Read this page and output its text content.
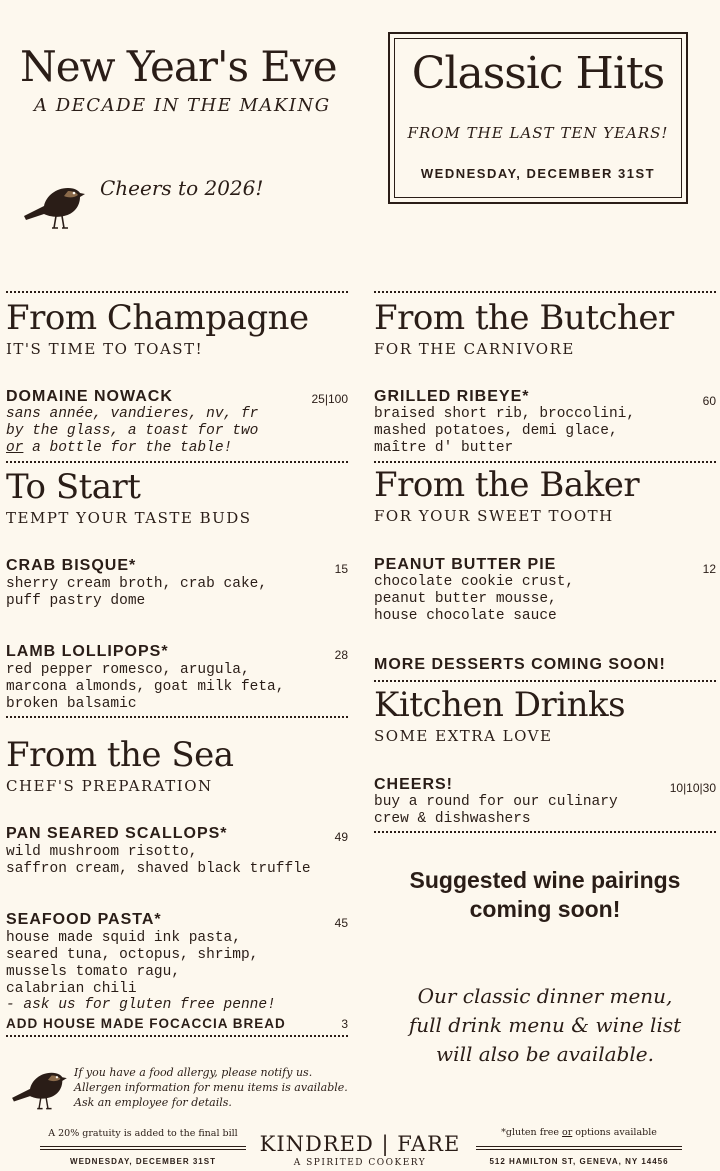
New Year's Eve
A DECADE IN THE MAKING
Cheers to 2026!
Classic Hits
FROM THE LAST TEN YEARS!
WEDNESDAY, DECEMBER 31ST
From Champagne
IT'S TIME TO TOAST!
DOMAINE NOWACK	25|100
sans année, vandieres, nv, fr
by the glass, a toast for two
or a bottle for the table!
To Start
TEMPT YOUR TASTE BUDS
CRAB BISQUE*	15
sherry cream broth, crab cake,
puff pastry dome
LAMB LOLLIPOPS*	28
red pepper romesco, arugula,
marcona almonds, goat milk feta,
broken balsamic
From the Sea
CHEF'S PREPARATION
PAN SEARED SCALLOPS*	49
wild mushroom risotto,
saffron cream, shaved black truffle
SEAFOOD PASTA*	45
house made squid ink pasta,
seared tuna, octopus, shrimp,
mussels tomato ragu,
calabrian chili
- ask us for gluten free penne!
ADD HOUSE MADE FOCACCIA BREAD	3
If you have a food allergy, please notify us.
Allergen information for menu items is available.
Ask an employee for details.
From the Butcher
FOR THE CARNIVORE
GRILLED RIBEYE*	60
braised short rib, broccolini,
mashed potatoes, demi glace,
maître d' butter
From the Baker
FOR YOUR SWEET TOOTH
PEANUT BUTTER PIE	12
chocolate cookie crust,
peanut butter mousse,
house chocolate sauce
MORE DESSERTS COMING SOON!
Kitchen Drinks
SOME EXTRA LOVE
CHEERS!	10|10|30
buy a round for our culinary
crew & dishwashers
Suggested wine pairings
coming soon!
Our classic dinner menu,
full drink menu & wine list
will also be available.
A 20% gratuity is added to the final bill
WEDNESDAY, DECEMBER 31ST
KINDRED | FARE
A SPIRITED COOKERY
*gluten free or options available
512 HAMILTON ST, GENEVA, NY 14456
